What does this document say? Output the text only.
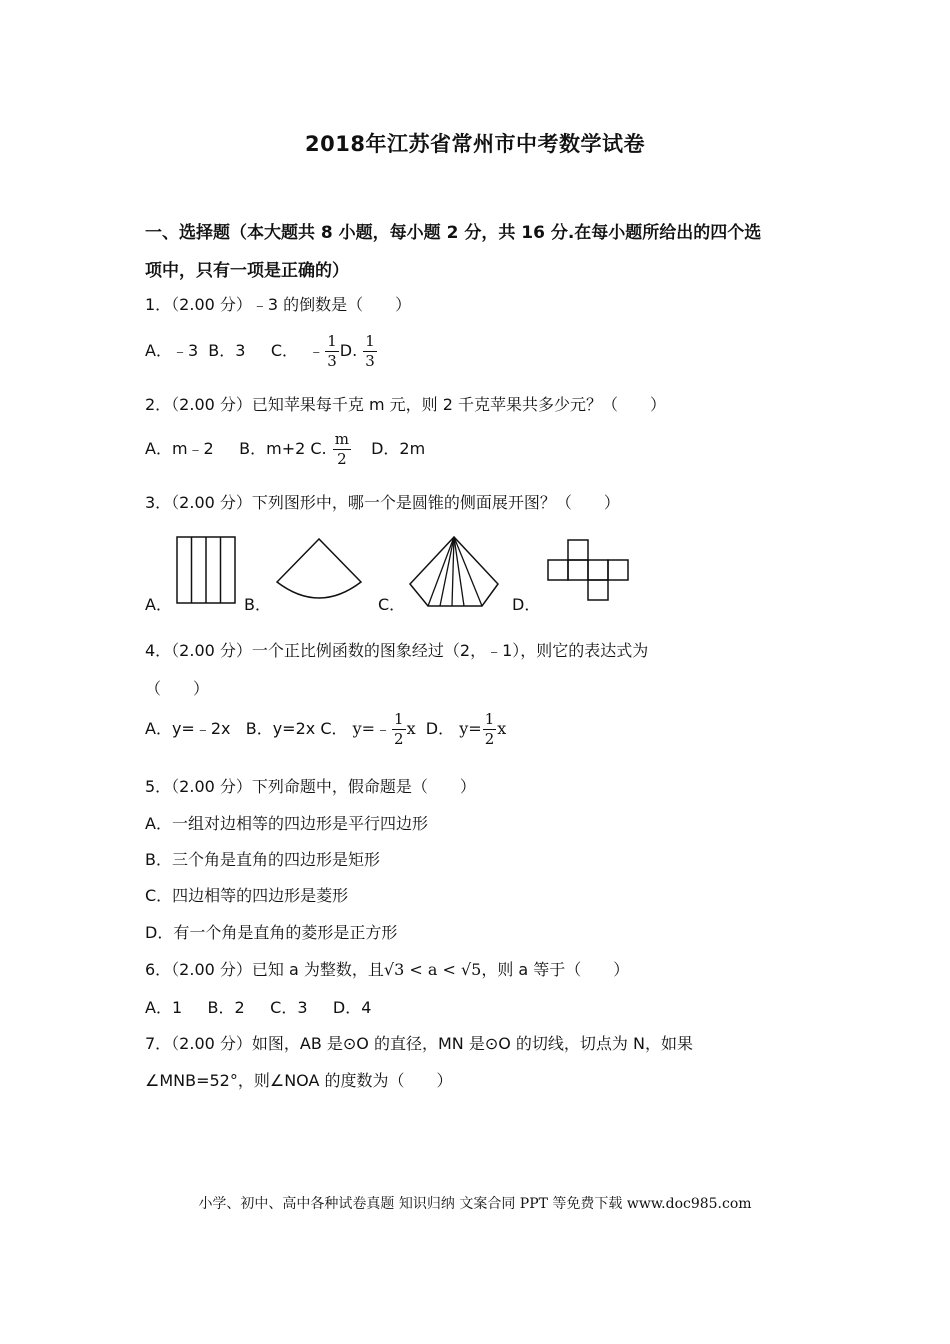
2018年江苏省常州市中考数学试卷
一、选择题（本大题共 8 小题，每小题 2 分，共 16 分.在每小题所给出的四个选
项中，只有一项是正确的）
1．（2.00 分）﹣3 的倒数是（　　）
A．﹣3  B．3     C．  ﹣ $\frac{1}{3} D$. $\frac{1}{3}$
2．（2.00 分）已知苹果每千克 m 元，则 2 千克苹果共多少元？（　　）
A．m﹣2     B．m+2 C. $\frac{m}{2}$ D．2m
3．（2.00 分）下列图形中，哪一个是圆锥的侧面展开图？（　　）
A．	B．	C．	D．
4．（2.00 分）一个正比例函数的图象经过（2，﹣1），则它的表达式为
（　　）
A．y=﹣2x   B．y=2x C． y=﹣ $\frac{1}{2}$ x  D． $y= \frac{1}{2}$ x
5．（2.00 分）下列命题中，假命题是（　　）
A．一组对边相等的四边形是平行四边形
B．三个角是直角的四边形是矩形
C．四边相等的四边形是菱形
D．有一个角是直角的菱形是正方形
6．（2.00 分）已知 a 为整数，且√3 < a < √5，则 a 等于（　　）
A．1     B．2     C．3     D．4
7．（2.00 分）如图，AB 是⊙O 的直径，MN 是⊙O 的切线，切点为 N，如果
∠MNB=52°，则∠NOA 的度数为（　　）
小学、初中、高中各种试卷真题 知识归纳 文案合同 PPT 等免费下载 www.doc985.com
